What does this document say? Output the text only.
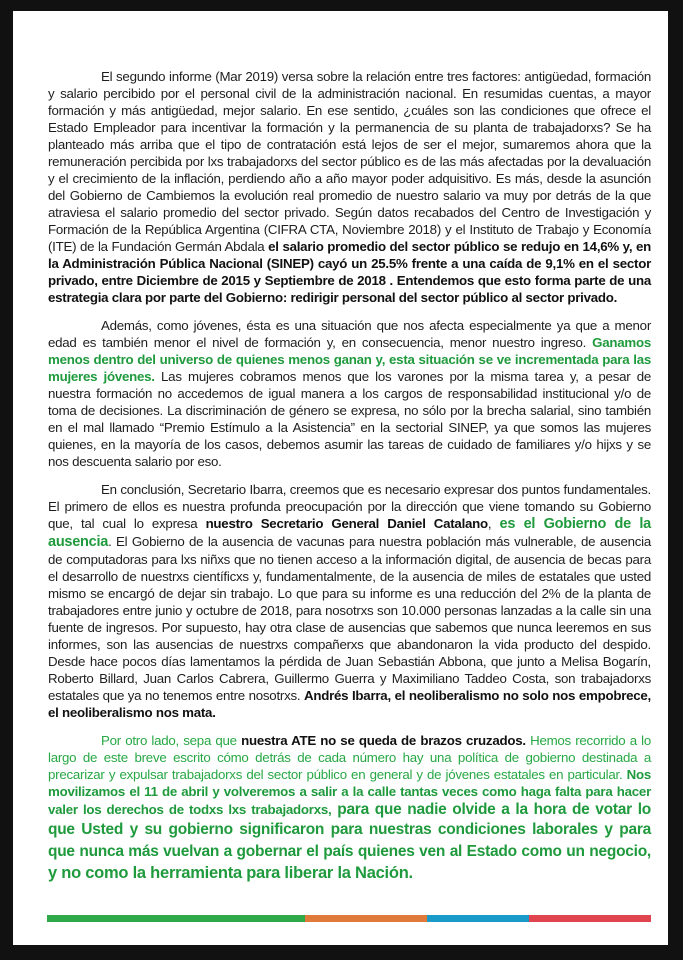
El segundo informe (Mar 2019) versa sobre la relación entre tres factores: antigüedad, formación y salario percibido por el personal civil de la administración nacional. En resumidas cuentas, a mayor formación y más antigüedad, mejor salario. En ese sentido, ¿cuáles son las condiciones que ofrece el Estado Empleador para incentivar la formación y la permanencia de su planta de trabajadorxs? Se ha planteado más arriba que el tipo de contratación está lejos de ser el mejor, sumaremos ahora que la remuneración percibida por lxs trabajadorxs del sector público es de las más afectadas por la devaluación y el crecimiento de la inflación, perdiendo año a año mayor poder adquisitivo. Es más, desde la asunción del Gobierno de Cambiemos la evolución real promedio de nuestro salario va muy por detrás de la que atraviesa el salario promedio del sector privado. Según datos recabados del Centro de Investigación y Formación de la República Argentina (CIFRA CTA, Noviembre 2018) y el Instituto de Trabajo y Economía (ITE) de la Fundación Germán Abdala el salario promedio del sector público se redujo en 14,6% y, en la Administración Pública Nacional (SINEP) cayó un 25.5% frente a una caída de 9,1% en el sector privado, entre Diciembre de 2015 y Septiembre de 2018 . Entendemos que esto forma parte de una estrategia clara por parte del Gobierno: redirigir personal del sector público al sector privado.

Además, como jóvenes, ésta es una situación que nos afecta especialmente ya que a menor edad es también menor el nivel de formación y, en consecuencia, menor nuestro ingreso. Ganamos menos dentro del universo de quienes menos ganan y, esta situación se ve incrementada para las mujeres jóvenes. Las mujeres cobramos menos que los varones por la misma tarea y, a pesar de nuestra formación no accedemos de igual manera a los cargos de responsabilidad institucional y/o de toma de decisiones. La discriminación de género se expresa, no sólo por la brecha salarial, sino también en el mal llamado “Premio Estímulo a la Asistencia” en la sectorial SINEP, ya que somos las mujeres quienes, en la mayoría de los casos, debemos asumir las tareas de cuidado de familiares y/o hijxs y se nos descuenta salario por eso.

En conclusión, Secretario Ibarra, creemos que es necesario expresar dos puntos fundamentales. El primero de ellos es nuestra profunda preocupación por la dirección que viene tomando su Gobierno que, tal cual lo expresa nuestro Secretario General Daniel Catalano, es el Gobierno de la ausencia. El Gobierno de la ausencia de vacunas para nuestra población más vulnerable, de ausencia de computadoras para lxs niñxs que no tienen acceso a la información digital, de ausencia de becas para el desarrollo de nuestrxs científicxs y, fundamentalmente, de la ausencia de miles de estatales que usted mismo se encargó de dejar sin trabajo. Lo que para su informe es una reducción del 2% de la planta de trabajadores entre junio y octubre de 2018, para nosotrxs son 10.000 personas lanzadas a la calle sin una fuente de ingresos. Por supuesto, hay otra clase de ausencias que sabemos que nunca leeremos en sus informes, son las ausencias de nuestrxs compañerxs que abandonaron la vida producto del despido. Desde hace pocos días lamentamos la pérdida de Juan Sebastián Abbona, que junto a Melisa Bogarín, Roberto Billard, Juan Carlos Cabrera, Guillermo Guerra y Maximiliano Taddeo Costa, son trabajadorxs estatales que ya no tenemos entre nosotrxs. Andrés Ibarra, el neoliberalismo no solo nos empobrece, el neoliberalismo nos mata.

Por otro lado, sepa que nuestra ATE no se queda de brazos cruzados. Hemos recorrido a lo largo de este breve escrito cómo detrás de cada número hay una política de gobierno destinada a precarizar y expulsar trabajadorxs del sector público en general y de jóvenes estatales en particular. Nos movilizamos el 11 de abril y volveremos a salir a la calle tantas veces como haga falta para hacer valer los derechos de todxs lxs trabajadorxs, para que nadie olvide a la hora de votar lo que Usted y su gobierno significaron para nuestras condiciones laborales y para que nunca más vuelvan a gobernar el país quienes ven al Estado como un negocio, y no como la herramienta para liberar la Nación.
